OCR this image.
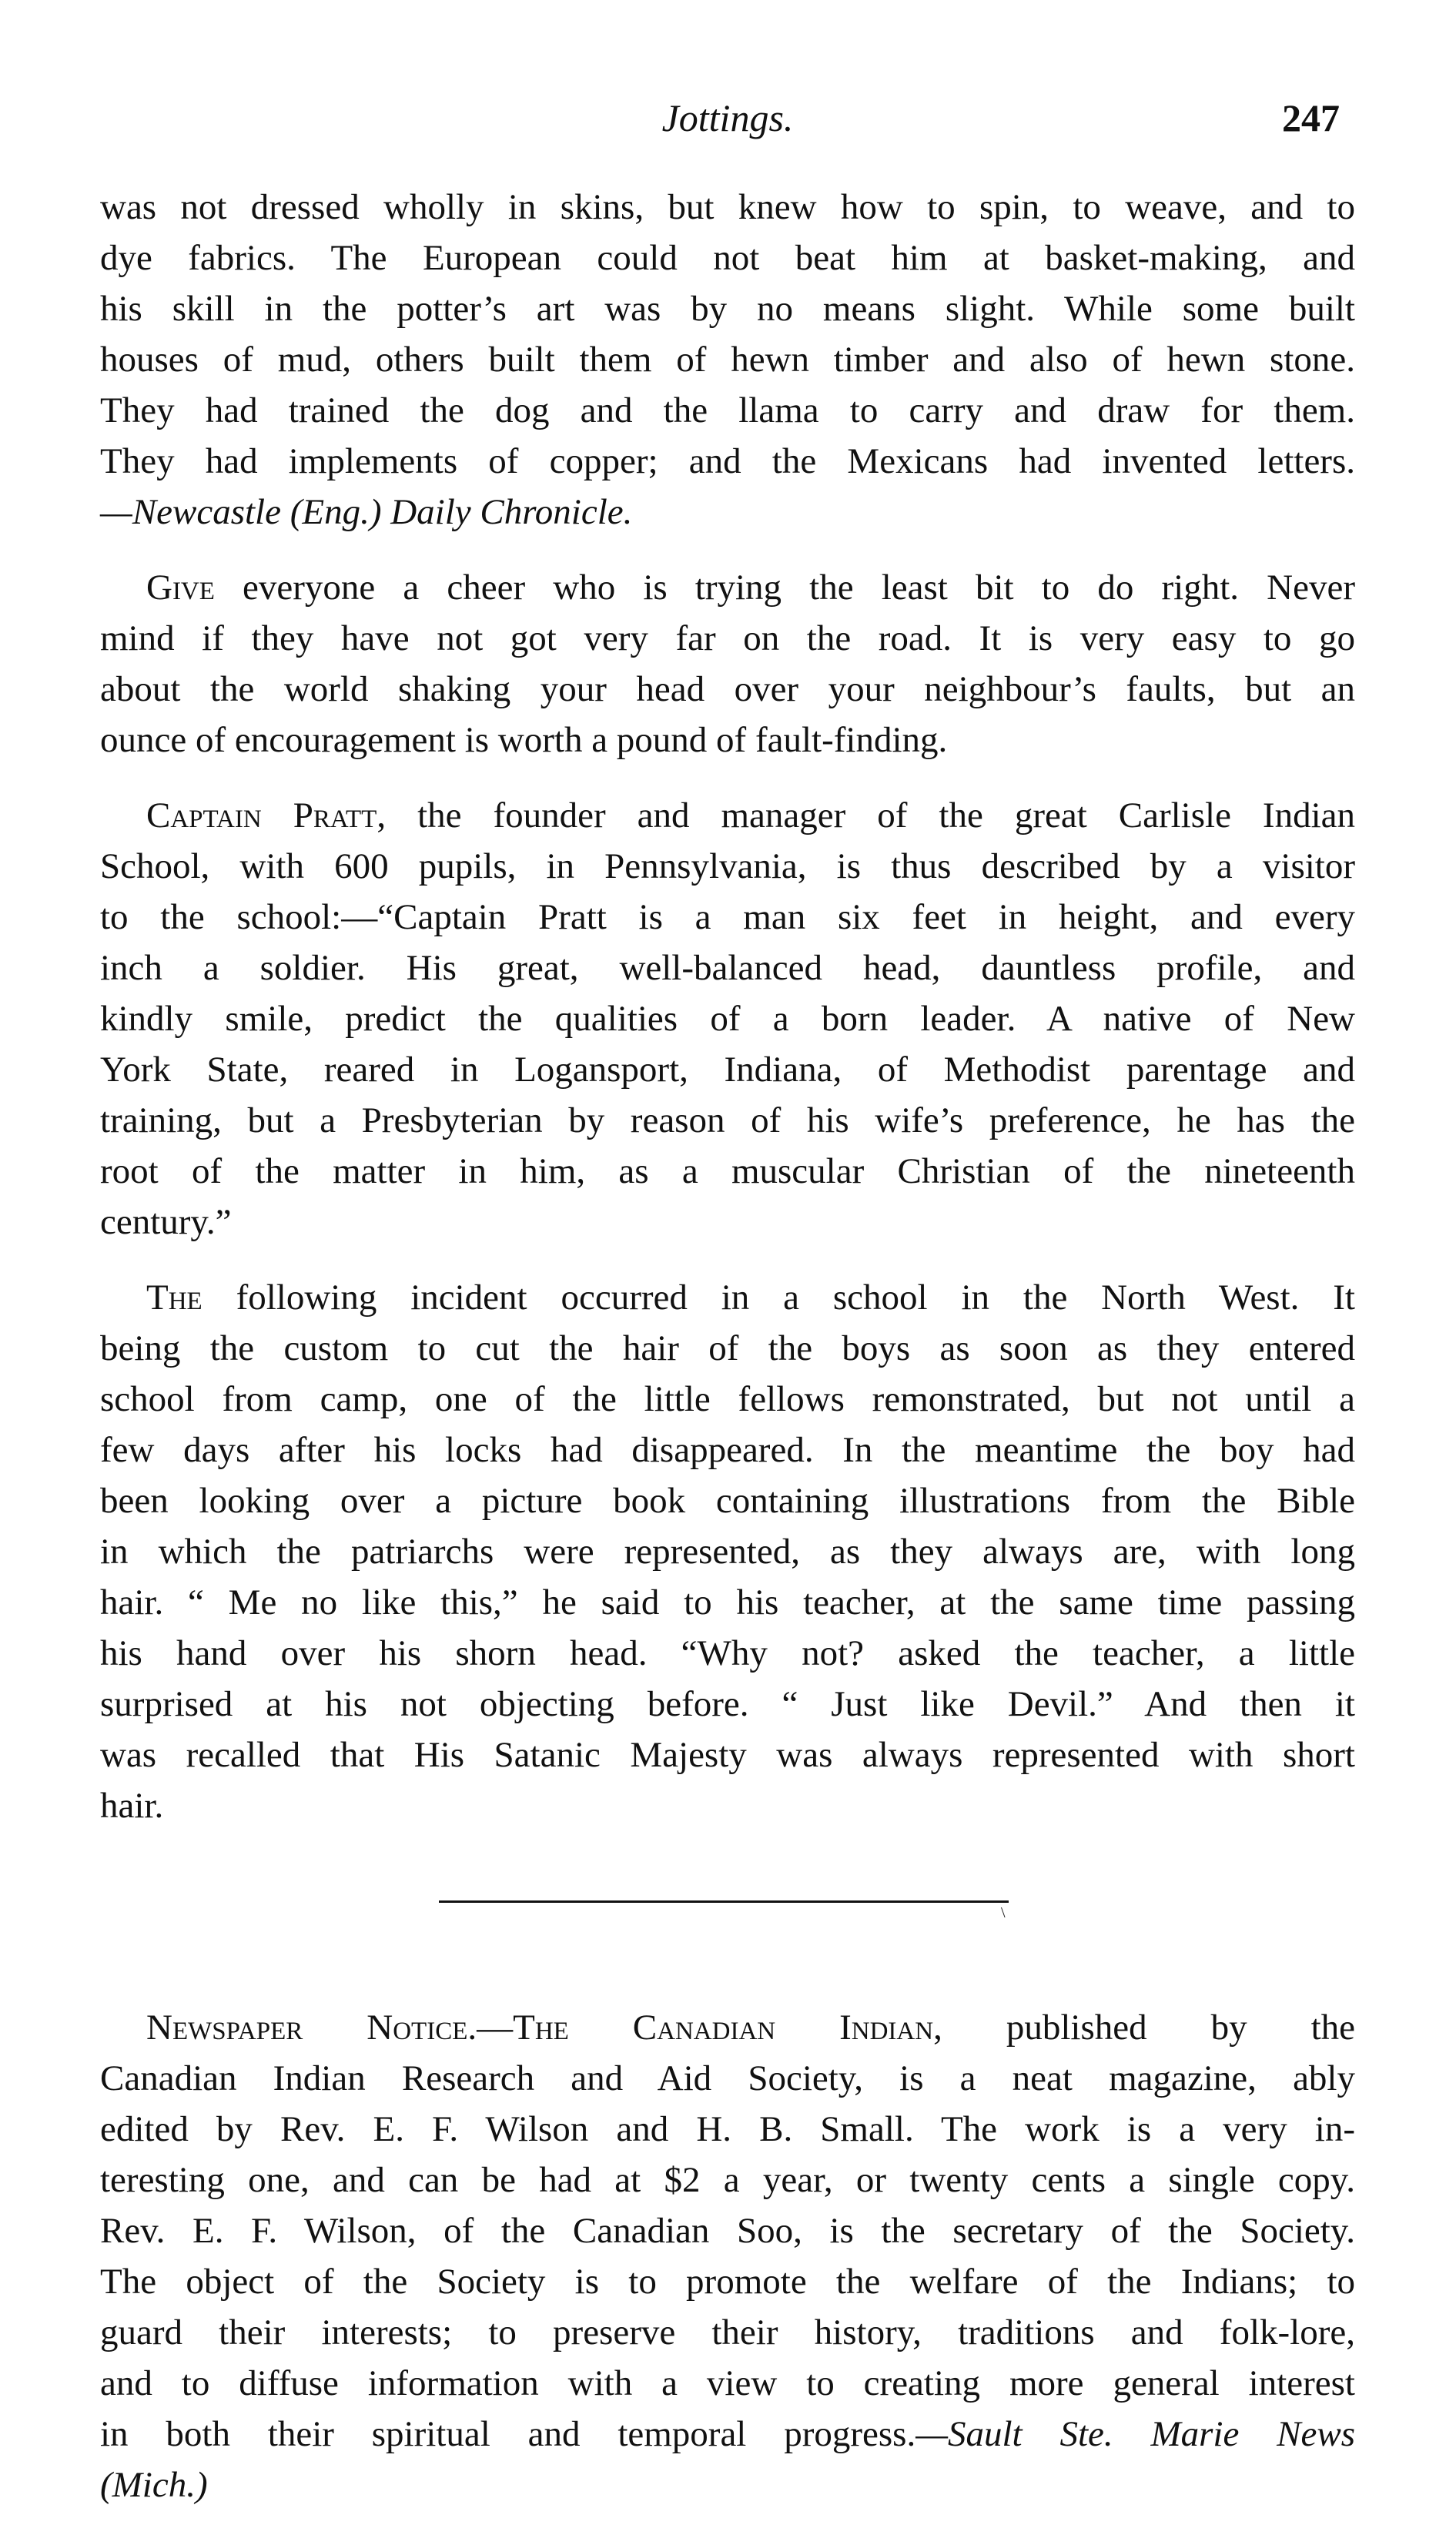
Jottings.	247
was not dressed wholly in skins, but knew how to spin, to weave, and to
dye fabrics. The European could not beat him at basket-making, and
his skill in the potter’s art was by no means slight. While some built
houses of mud, others built them of hewn timber and also of hewn stone.
They had trained the dog and the llama to carry and draw for them.
They had implements of copper; and the Mexicans had invented letters.
—Newcastle (Eng.) Daily Chronicle.
Give everyone a cheer who is trying the least bit to do right. Never
mind if they have not got very far on the road. It is very easy to go
about the world shaking your head over your neighbour’s faults, but an
ounce of encouragement is worth a pound of fault-finding.
Captain Pratt, the founder and manager of the great Carlisle Indian
School, with 600 pupils, in Pennsylvania, is thus described by a visitor
to the school:—“Captain Pratt is a man six feet in height, and every
inch a soldier. His great, well-balanced head, dauntless profile, and
kindly smile, predict the qualities of a born leader. A native of New
York State, reared in Logansport, Indiana, of Methodist parentage and
training, but a Presbyterian by reason of his wife’s preference, he has the
root of the matter in him, as a muscular Christian of the nineteenth
century.”
The following incident occurred in a school in the North West. It
being the custom to cut the hair of the boys as soon as they entered
school from camp, one of the little fellows remonstrated, but not until a
few days after his locks had disappeared. In the meantime the boy had
been looking over a picture book containing illustrations from the Bible
in which the patriarchs were represented, as they always are, with long
hair. “ Me no like this,” he said to his teacher, at the same time passing
his hand over his shorn head. “Why not? asked the teacher, a little
surprised at his not objecting before. “ Just like Devil.” And then it
was recalled that His Satanic Majesty was always represented with short
hair.
\
Newspaper Notice.—The Canadian Indian, published by the
Canadian Indian Research and Aid Society, is a neat magazine, ably
edited by Rev. E. F. Wilson and H. B. Small. The work is a very in-
teresting one, and can be had at $2 a year, or twenty cents a single copy.
Rev. E. F. Wilson, of the Canadian Soo, is the secretary of the Society.
The object of the Society is to promote the welfare of the Indians; to
guard their interests; to preserve their history, traditions and folk-lore,
and to diffuse information with a view to creating more general interest
in both their spiritual and temporal progress.—Sault Ste. Marie News
(Mich.)
